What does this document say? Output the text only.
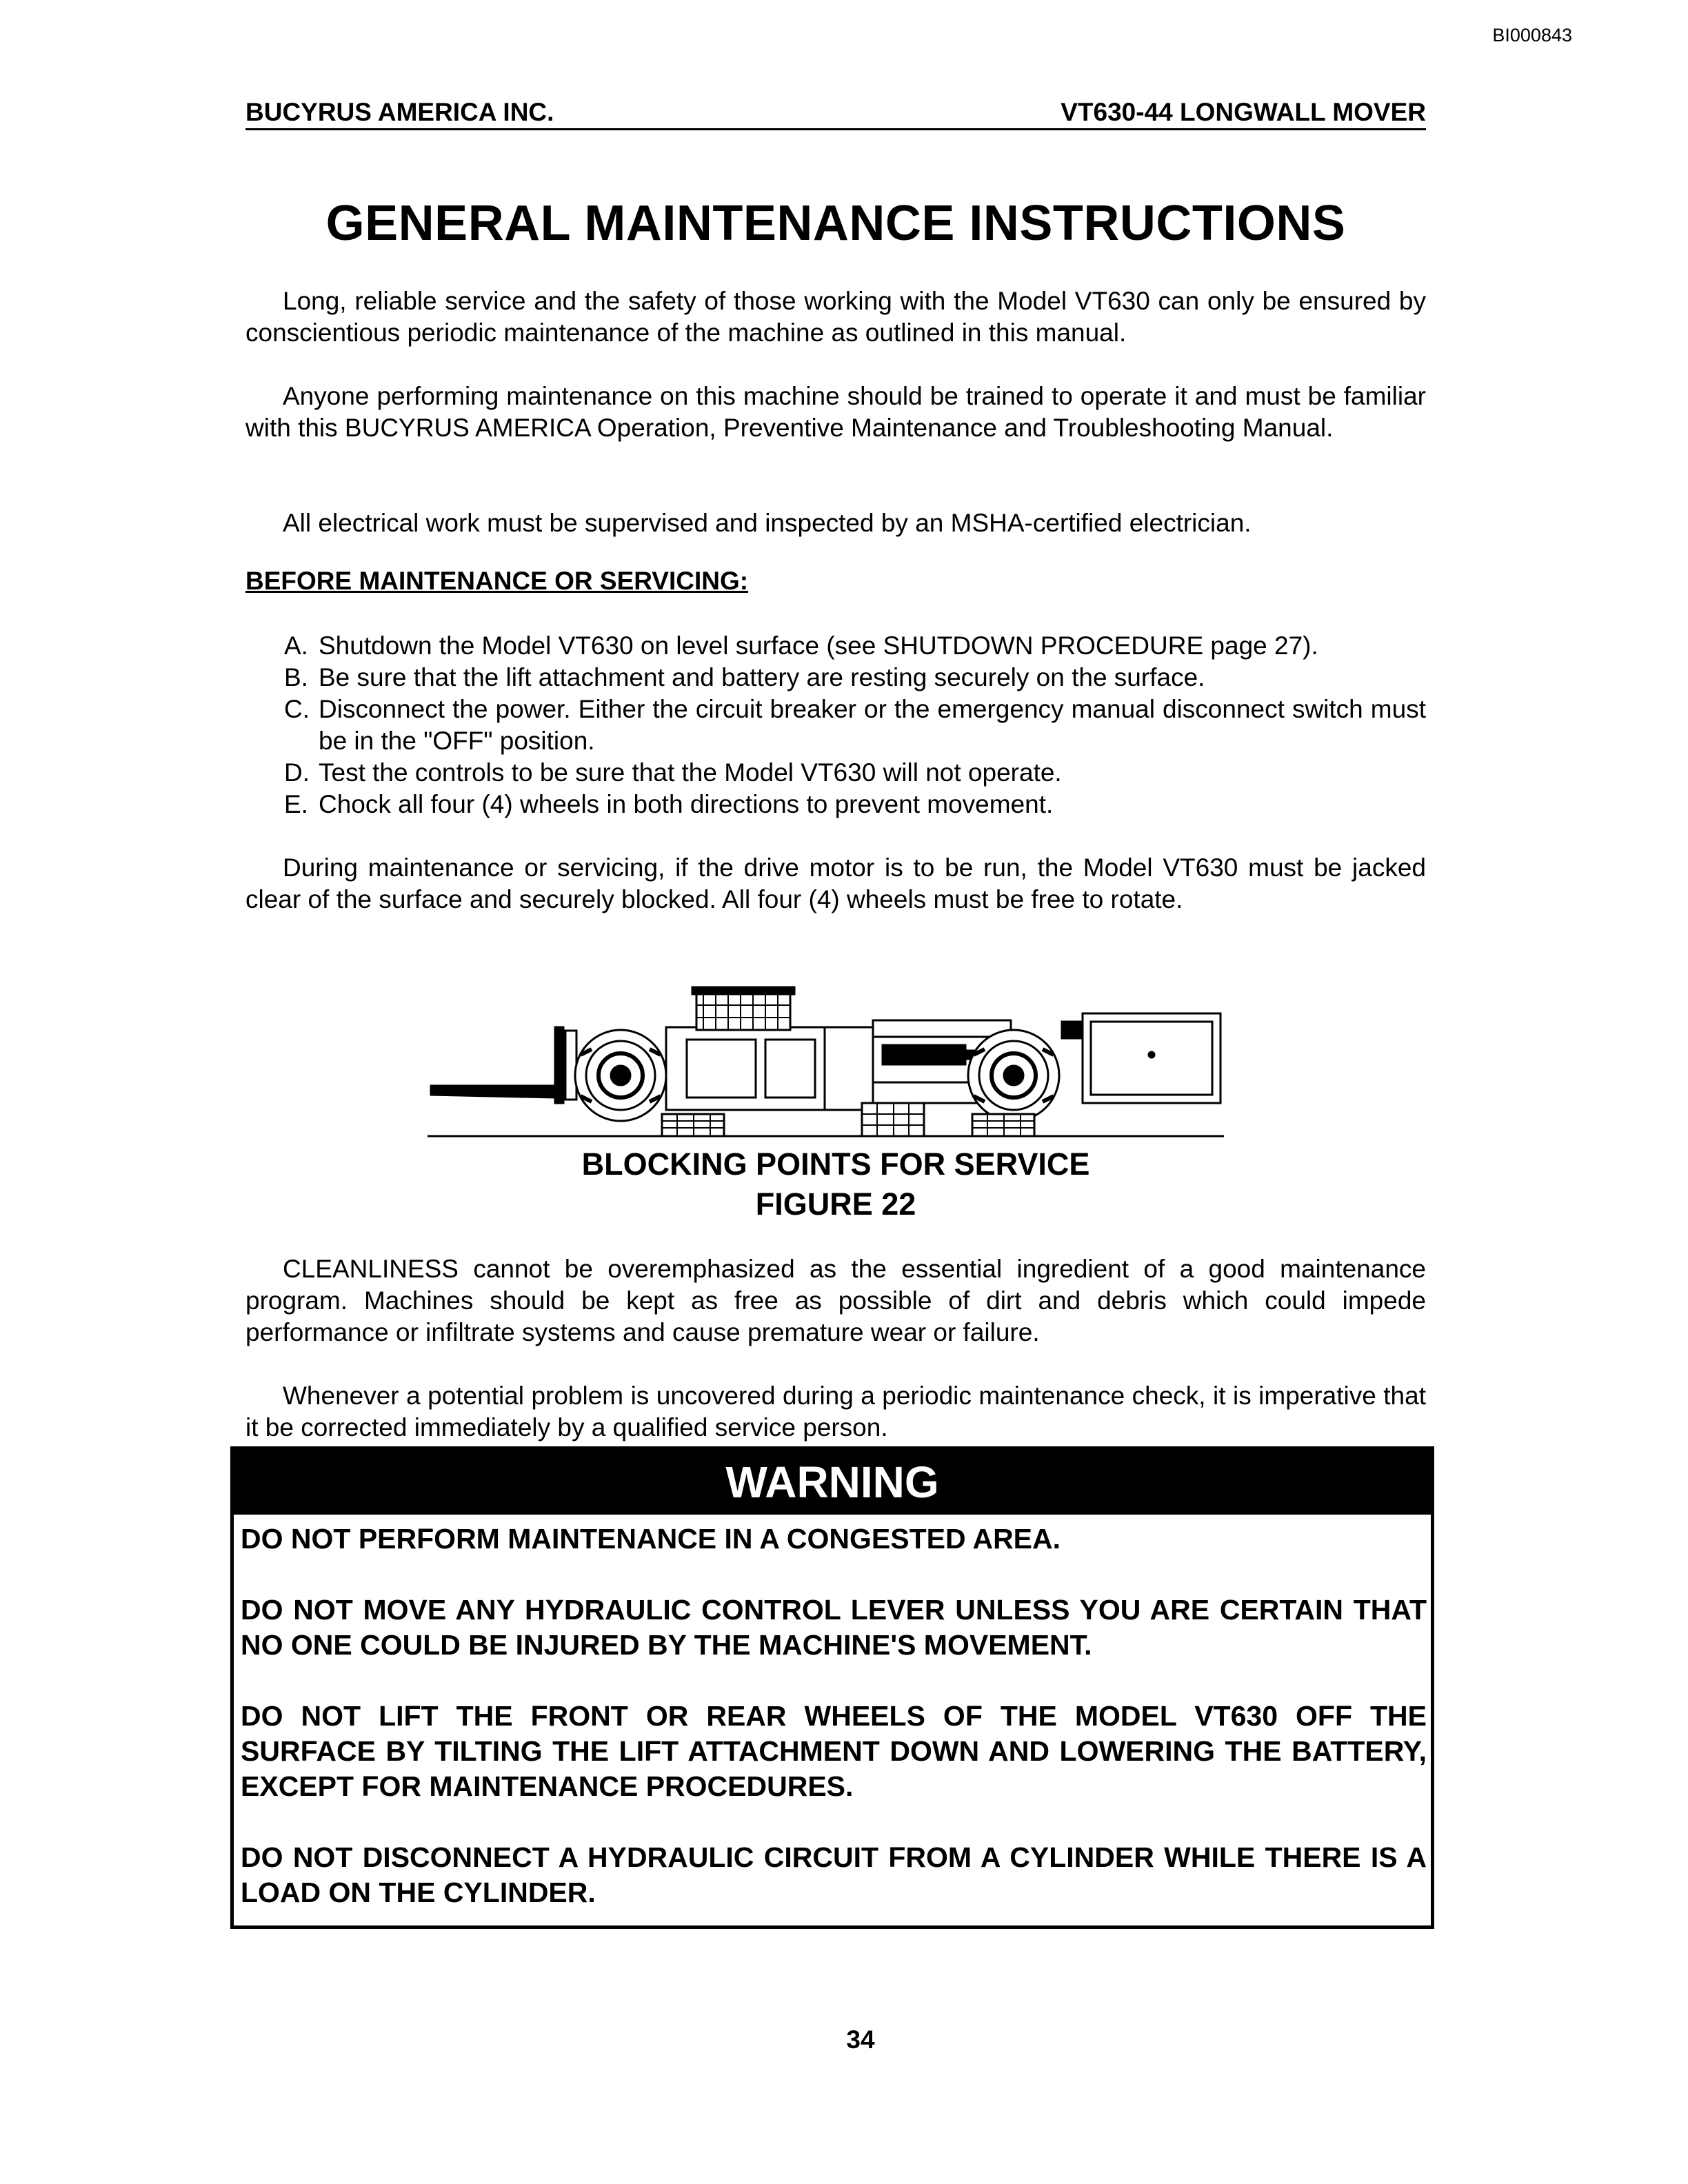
BI000843
BUCYRUS AMERICA INC.	VT630-44 LONGWALL MOVER
GENERAL MAINTENANCE INSTRUCTIONS
Long, reliable service and the safety of those working with the Model VT630 can only be ensured by conscientious periodic maintenance of the machine as outlined in this manual.
Anyone performing maintenance on this machine should be trained to operate it and must be familiar with this BUCYRUS AMERICA Operation, Preventive Maintenance and Troubleshooting Manual.
All electrical work must be supervised and inspected by an MSHA-certified electrician.
BEFORE MAINTENANCE OR SERVICING:
A. Shutdown the Model VT630 on level surface (see SHUTDOWN PROCEDURE page 27).
B. Be sure that the lift attachment and battery are resting securely on the surface.
C. Disconnect the power. Either the circuit breaker or the emergency manual disconnect switch must be in the "OFF" position.
D. Test the controls to be sure that the Model VT630 will not operate.
E. Chock all four (4) wheels in both directions to prevent movement.
During maintenance or servicing, if the drive motor is to be run, the Model VT630 must be jacked clear of the surface and securely blocked. All four (4) wheels must be free to rotate.
BLOCKING POINTS FOR SERVICE
FIGURE 22
CLEANLINESS cannot be overemphasized as the essential ingredient of a good maintenance program. Machines should be kept as free as possible of dirt and debris which could impede performance or infiltrate systems and cause premature wear or failure.
Whenever a potential problem is uncovered during a periodic maintenance check, it is imperative that it be corrected immediately by a qualified service person.
WARNING

DO NOT PERFORM MAINTENANCE IN A CONGESTED AREA.

DO NOT MOVE ANY HYDRAULIC CONTROL LEVER UNLESS YOU ARE CERTAIN THAT NO ONE COULD BE INJURED BY THE MACHINE'S MOVEMENT.

DO NOT LIFT THE FRONT OR REAR WHEELS OF THE MODEL VT630 OFF THE SURFACE BY TILTING THE LIFT ATTACHMENT DOWN AND LOWERING THE BATTERY, EXCEPT FOR MAINTENANCE PROCEDURES.

DO NOT DISCONNECT A HYDRAULIC CIRCUIT FROM A CYLINDER WHILE THERE IS A LOAD ON THE CYLINDER.

34
